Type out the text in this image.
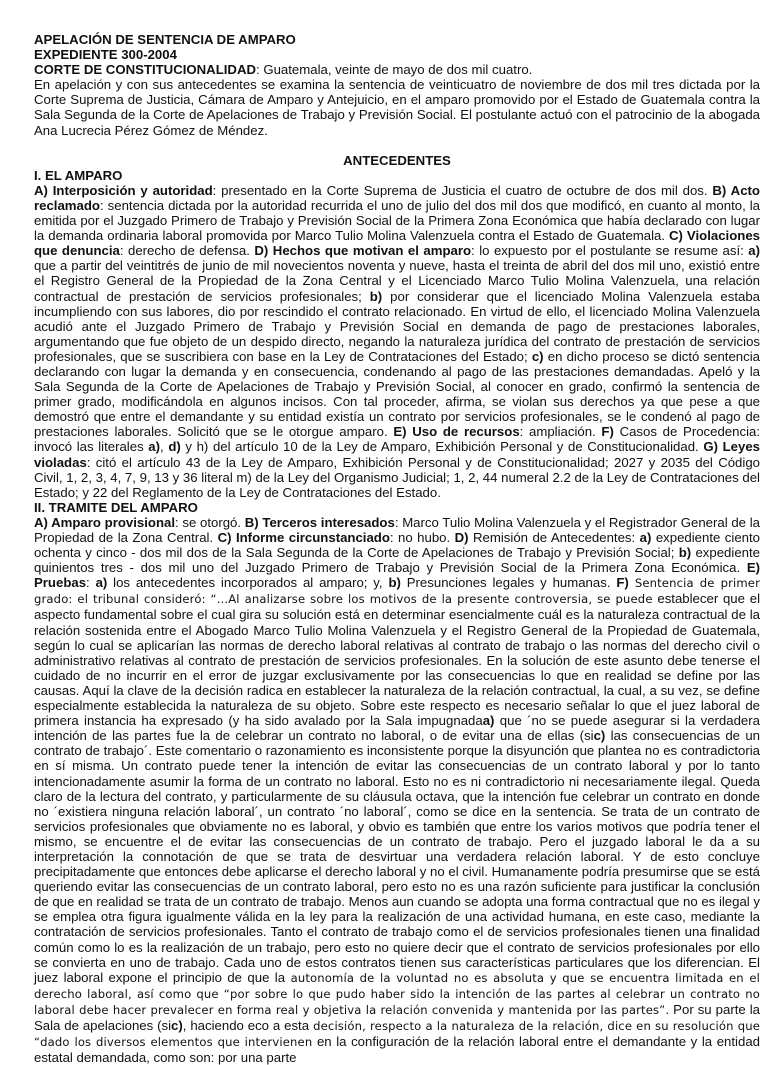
APELACIÓN DE SENTENCIA DE AMPARO
EXPEDIENTE 300-2004

CORTE DE CONSTITUCIONALIDAD: Guatemala, veinte de mayo de dos mil cuatro.

En apelación y con sus antecedentes se examina la sentencia de veinticuatro de noviembre de dos mil tres dictada por la Corte Suprema de Justicia, Cámara de Amparo y Antejuicio, en el amparo promovido por el Estado de Guatemala contra la Sala Segunda de la Corte de Apelaciones de Trabajo y Previsión Social. El postulante actuó con el patrocinio de la abogada Ana Lucrecia Pérez Gómez de Méndez.

ANTECEDENTES
I. EL AMPARO

A) Interposición y autoridad: presentado en la Corte Suprema de Justicia el cuatro de octubre de dos mil dos. B) Acto reclamado: sentencia dictada por la autoridad recurrida el uno de julio del dos mil dos que modificó, en cuanto al monto, la emitida por el Juzgado Primero de Trabajo y Previsión Social de la Primera Zona Económica que había declarado con lugar la demanda ordinaria laboral promovida por Marco Tulio Molina Valenzuela contra el Estado de Guatemala. C) Violaciones que denuncia: derecho de defensa. D) Hechos que motivan el amparo: lo expuesto por el postulante se resume así: a) que a partir del veintitrés de junio de mil novecientos noventa y nueve, hasta el treinta de abril del dos mil uno, existió entre el Registro General de la Propiedad de la Zona Central y el Licenciado Marco Tulio Molina Valenzuela, una relación contractual de prestación de servicios profesionales; b) por considerar que el licenciado Molina Valenzuela estaba incumpliendo con sus labores, dio por rescindido el contrato relacionado. En virtud de ello, el licenciado Molina Valenzuela acudió ante el Juzgado Primero de Trabajo y Previsión Social en demanda de pago de prestaciones laborales, argumentando que fue objeto de un despido directo, negando la naturaleza jurídica del contrato de prestación de servicios profesionales, que se suscribiera con base en la Ley de Contrataciones del Estado; c) en dicho proceso se dictó sentencia declarando con lugar la demanda y en consecuencia, condenando al pago de las prestaciones demandadas. Apeló y la Sala Segunda de la Corte de Apelaciones de Trabajo y Previsión Social, al conocer en grado, confirmó la sentencia de primer grado, modificándola en algunos incisos. Con tal proceder, afirma, se violan sus derechos ya que pese a que demostró que entre el demandante y su entidad existía un contrato por servicios profesionales, se le condenó al pago de prestaciones laborales. Solicitó que se le otorgue amparo. E) Uso de recursos: ampliación. F) Casos de Procedencia: invocó las literales a), d) y h) del artículo 10 de la Ley de Amparo, Exhibición Personal y de Constitucionalidad. G) Leyes violadas: citó el artículo 43 de la Ley de Amparo, Exhibición Personal y de Constitucionalidad; 2027 y 2035 del Código Civil, 1, 2, 3, 4, 7, 9, 13 y 36 literal m) de la Ley del Organismo Judicial; 1, 2, 44 numeral 2.2 de la Ley de Contrataciones del Estado; y 22 del Reglamento de la Ley de Contrataciones del Estado.

II. TRAMITE DEL AMPARO

A) Amparo provisional: se otorgó. B) Terceros interesados: Marco Tulio Molina Valenzuela y el Registrador General de la Propiedad de la Zona Central. C) Informe circunstanciado: no hubo. D) Remisión de Antecedentes: a) expediente ciento ochenta y cinco - dos mil dos de la Sala Segunda de la Corte de Apelaciones de Trabajo y Previsión Social; b) expediente quinientos tres - dos mil uno del Juzgado Primero de Trabajo y Previsión Social de la Primera Zona Económica. E) Pruebas: a) los antecedentes incorporados al amparo; y, b) Presunciones legales y humanas. F) Sentencia de primer grado: el tribunal consideró: “...Al analizarse sobre los motivos de la presente controversia, se puede establecer que el aspecto fundamental sobre el cual gira su solución está en determinar esencialmente cuál es la naturaleza contractual de la relación sostenida entre el Abogado Marco Tulio Molina Valenzuela y el Registro General de la Propiedad de Guatemala, según lo cual se aplicarían las normas de derecho laboral relativas al contrato de trabajo o las normas del derecho civil o administrativo relativas al contrato de prestación de servicios profesionales. En la solución de este asunto debe tenerse el cuidado de no incurrir en el error de juzgar exclusivamente por las consecuencias lo que en realidad se define por las causas. Aquí la clave de la decisión radica en establecer la naturaleza de la relación contractual, la cual, a su vez, se define especialmente establecida la naturaleza de su objeto. Sobre este respecto es necesario señalar lo que el juez laboral de primera instancia ha expresado (y ha sido avalado por la Sala impugnadaa) que ´no se puede asegurar si la verdadera intención de las partes fue la de celebrar un contrato no laboral, o de evitar una de ellas (sic) las consecuencias de un contrato de trabajo´. Este comentario o razonamiento es inconsistente porque la disyunción que plantea no es contradictoria en sí misma. Un contrato puede tener la intención de evitar las consecuencias de un contrato laboral y por lo tanto intencionadamente asumir la forma de un contrato no laboral. Esto no es ni contradictorio ni necesariamente ilegal. Queda claro de la lectura del contrato, y particularmente de su cláusula octava, que la intención fue celebrar un contrato en donde no ´existiera ninguna relación laboral´, un contrato ´no laboral´, como se dice en la sentencia. Se trata de un contrato de servicios profesionales que obviamente no es laboral, y obvio es también que entre los varios motivos que podría tener el mismo, se encuentre el de evitar las consecuencias de un contrato de trabajo. Pero el juzgado laboral le da a su interpretación la connotación de que se trata de desvirtuar una verdadera relación laboral. Y de esto concluye precipitadamente que entonces debe aplicarse el derecho laboral y no el civil. Humanamente podría presumirse que se está queriendo evitar las consecuencias de un contrato laboral, pero esto no es una razón suficiente para justificar la conclusión de que en realidad se trata de un contrato de trabajo. Menos aun cuando se adopta una forma contractual que no es ilegal y se emplea otra figura igualmente válida en la ley para la realización de una actividad humana, en este caso, mediante la contratación de servicios profesionales. Tanto el contrato de trabajo como el de servicios profesionales tienen una finalidad común como lo es la realización de un trabajo, pero esto no quiere decir que el contrato de servicios profesionales por ello se convierta en uno de trabajo. Cada uno de estos contratos tienen sus características particulares que los diferencian. El juez laboral expone el principio de que la autonomía de la voluntad no es absoluta y que se encuentra limitada en el derecho laboral, así como que “por sobre lo que pudo haber sido la intención de las partes al celebrar un contrato no laboral debe hacer prevalecer en forma real y objetiva la relación convenida y mantenida por las partes”. Por su parte la Sala de apelaciones (sic), haciendo eco a esta decisión, respecto a la naturaleza de la relación, dice en su resolución que “dado los diversos elementos que intervienen en la configuración de la relación laboral entre el demandante y la entidad estatal demandada, como son: por una parte
